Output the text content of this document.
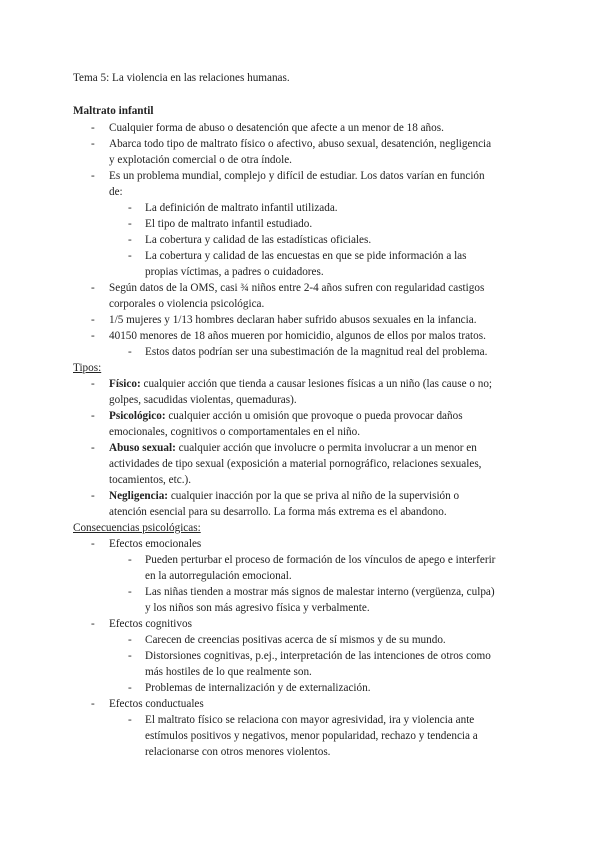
Tema 5: La violencia en las relaciones humanas.
Maltrato infantil
- Cualquier forma de abuso o desatención que afecte a un menor de 18 años.
- Abarca todo tipo de maltrato físico o afectivo, abuso sexual, desatención, negligencia
y explotación comercial o de otra índole.
- Es un problema mundial, complejo y difícil de estudiar. Los datos varían en función
de:
- La definición de maltrato infantil utilizada.
- El tipo de maltrato infantil estudiado.
- La cobertura y calidad de las estadísticas oficiales.
- La cobertura y calidad de las encuestas en que se pide información a las
propias víctimas, a padres o cuidadores.
- Según datos de la OMS, casi ¾ niños entre 2-4 años sufren con regularidad castigos
corporales o violencia psicológica.
- 1/5 mujeres y 1/13 hombres declaran haber sufrido abusos sexuales en la infancia.
- 40150 menores de 18 años mueren por homicidio, algunos de ellos por malos tratos.
- Estos datos podrían ser una subestimación de la magnitud real del problema.
Tipos:
- Físico: cualquier acción que tienda a causar lesiones físicas a un niño (las cause o no;
golpes, sacudidas violentas, quemaduras).
- Psicológico: cualquier acción u omisión que provoque o pueda provocar daños
emocionales, cognitivos o comportamentales en el niño.
- Abuso sexual: cualquier acción que involucre o permita involucrar a un menor en
actividades de tipo sexual (exposición a material pornográfico, relaciones sexuales,
tocamientos, etc.).
- Negligencia: cualquier inacción por la que se priva al niño de la supervisión o
atención esencial para su desarrollo. La forma más extrema es el abandono.
Consecuencias psicológicas:
- Efectos emocionales
- Pueden perturbar el proceso de formación de los vínculos de apego e interferir
en la autorregulación emocional.
- Las niñas tienden a mostrar más signos de malestar interno (vergüenza, culpa)
y los niños son más agresivo física y verbalmente.
- Efectos cognitivos
- Carecen de creencias positivas acerca de sí mismos y de su mundo.
- Distorsiones cognitivas, p.ej., interpretación de las intenciones de otros como
más hostiles de lo que realmente son.
- Problemas de internalización y de externalización.
- Efectos conductuales
- El maltrato físico se relaciona con mayor agresividad, ira y violencia ante
estímulos positivos y negativos, menor popularidad, rechazo y tendencia a
relacionarse con otros menores violentos.
